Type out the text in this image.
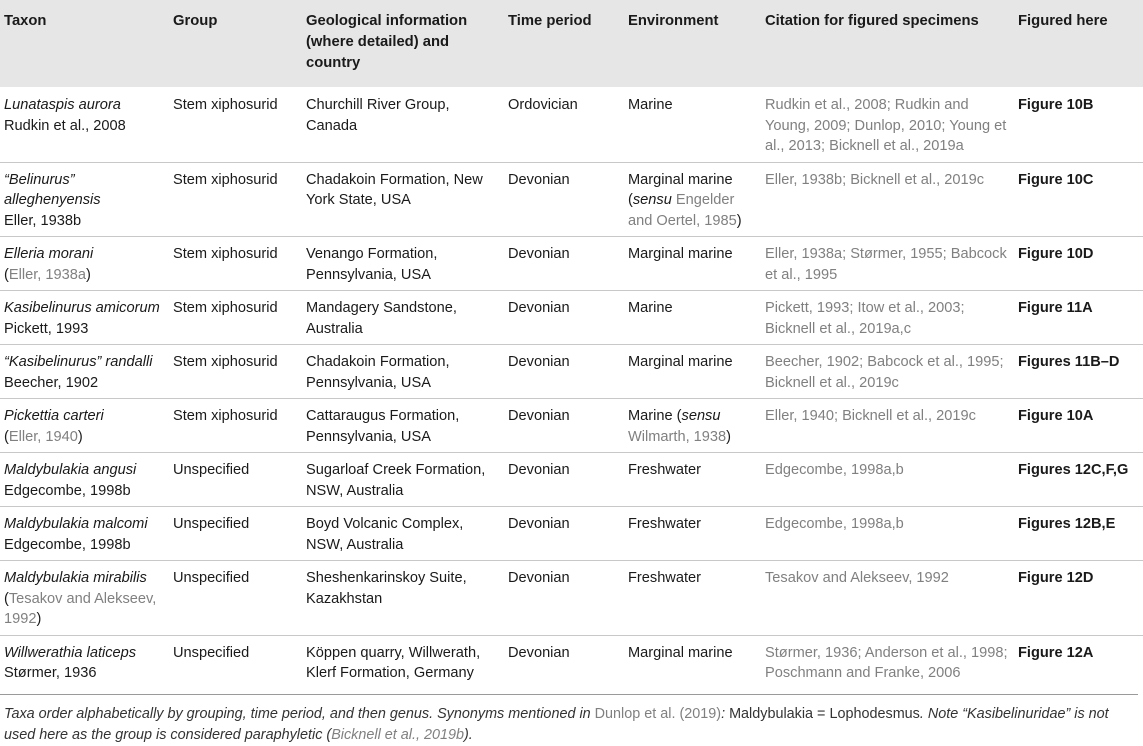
Taxon	Group	Geological information (where detailed) and country	Time period	Environment	Citation for figured specimens	Figured here
Lunataspis aurora
Rudkin et al., 2008	Stem xiphosurid	Churchill River Group, Canada	Ordovician	Marine	Rudkin et al., 2008; Rudkin and Young, 2009; Dunlop, 2010; Young et al., 2013; Bicknell et al., 2019a	Figure 10B
“Belinurus” alleghenyensis
Eller, 1938b	Stem xiphosurid	Chadakoin Formation, New York State, USA	Devonian	Marginal marine (sensu Engelder and Oertel, 1985)	Eller, 1938b; Bicknell et al., 2019c	Figure 10C
Elleria morani
(Eller, 1938a)	Stem xiphosurid	Venango Formation, Pennsylvania, USA	Devonian	Marginal marine	Eller, 1938a; Størmer, 1955; Babcock et al., 1995	Figure 10D
Kasibelinurus amicorum
Pickett, 1993	Stem xiphosurid	Mandagery Sandstone, Australia	Devonian	Marine	Pickett, 1993; Itow et al., 2003; Bicknell et al., 2019a,c	Figure 11A
“Kasibelinurus” randalli
Beecher, 1902	Stem xiphosurid	Chadakoin Formation, Pennsylvania, USA	Devonian	Marginal marine	Beecher, 1902; Babcock et al., 1995; Bicknell et al., 2019c	Figures 11B–D
Pickettia carteri
(Eller, 1940)	Stem xiphosurid	Cattaraugus Formation, Pennsylvania, USA	Devonian	Marine (sensu Wilmarth, 1938)	Eller, 1940; Bicknell et al., 2019c	Figure 10A
Maldybulakia angusi
Edgecombe, 1998b	Unspecified	Sugarloaf Creek Formation, NSW, Australia	Devonian	Freshwater	Edgecombe, 1998a,b	Figures 12C,F,G
Maldybulakia malcomi
Edgecombe, 1998b	Unspecified	Boyd Volcanic Complex, NSW, Australia	Devonian	Freshwater	Edgecombe, 1998a,b	Figures 12B,E
Maldybulakia mirabilis
(Tesakov and Alekseev, 1992)	Unspecified	Sheshenkarinskoy Suite, Kazakhstan	Devonian	Freshwater	Tesakov and Alekseev, 1992	Figure 12D
Willwerathia laticeps
Størmer, 1936	Unspecified	Köppen quarry, Willwerath, Klerf Formation, Germany	Devonian	Marginal marine	Størmer, 1936; Anderson et al., 1998; Poschmann and Franke, 2006	Figure 12A
Taxa order alphabetically by grouping, time period, and then genus. Synonyms mentioned in Dunlop et al. (2019): Maldybulakia = Lophodesmus. Note “Kasibelinuridae” is not used here as the group is considered paraphyletic (Bicknell et al., 2019b).
